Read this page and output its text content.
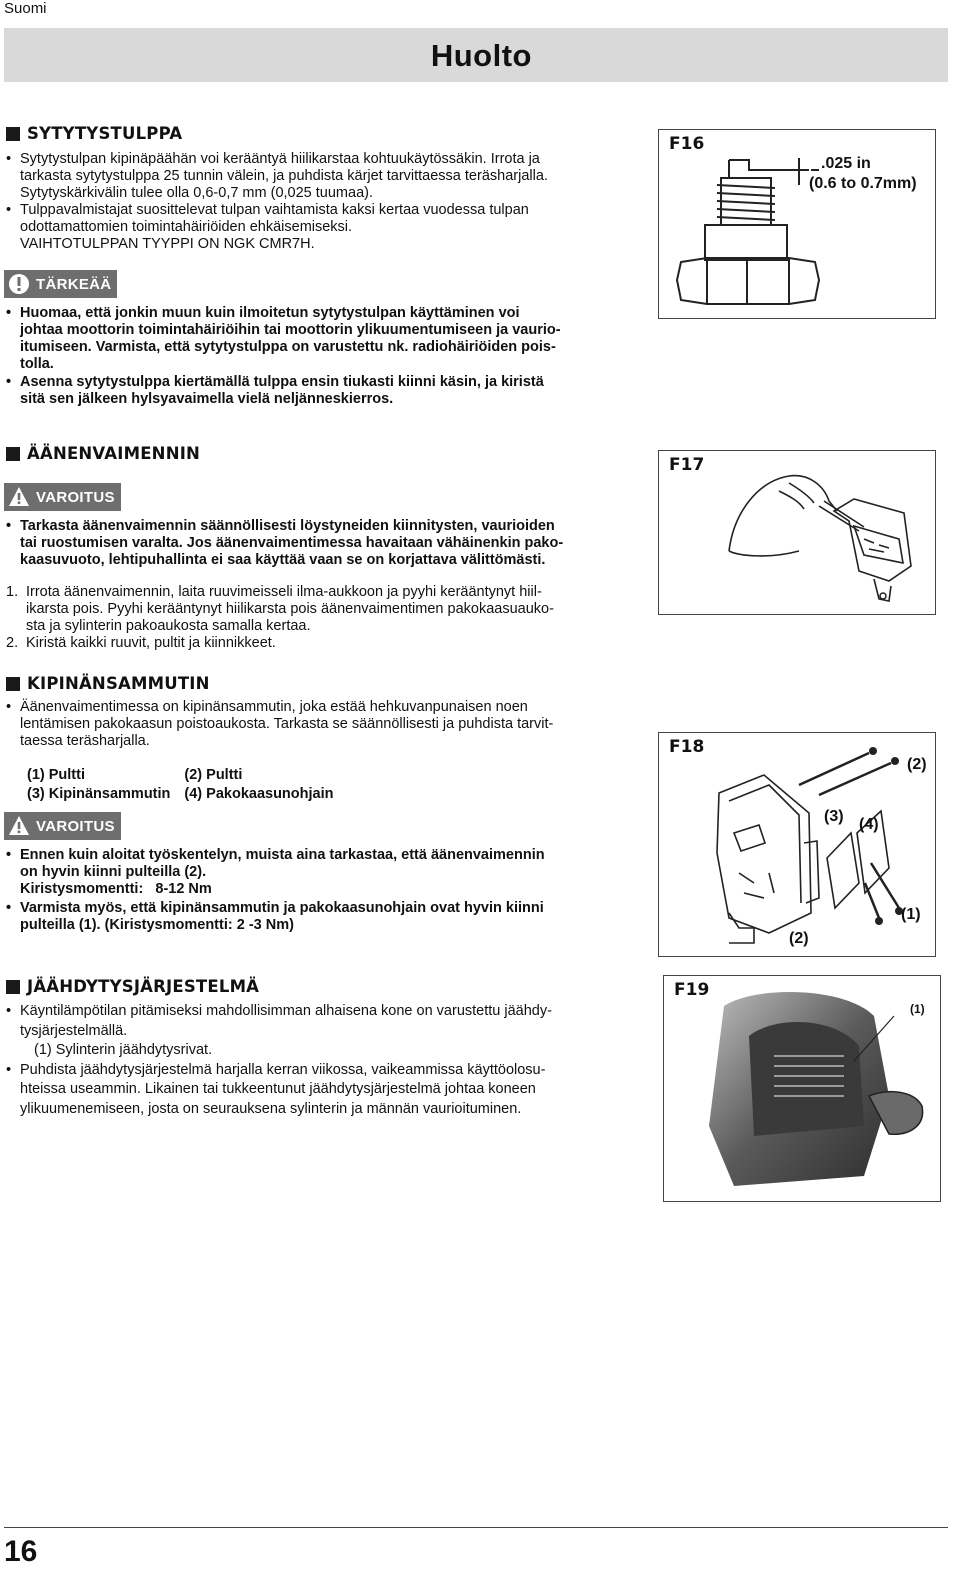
Suomi
Huolto
SYTYTYSTULPPA
• Sytytystulpan kipinäpäähän voi kerääntyä hiilikarstaa kohtuukäytössäkin. Irrota ja
tarkasta sytytystulppa 25 tunnin välein, ja puhdista kärjet tarvittaessa teräsharjalla.
Sytytyskärkivälin tulee olla 0,6-0,7 mm (0,025 tuumaa).
• Tulppavalmistajat suosittelevat tulpan vaihtamista kaksi kertaa vuodessa tulpan
odottamattomien toimintahäiriöiden ehkäisemiseksi.
VAIHTOTULPPAN TYYPPI ON NGK CMR7H.
TÄRKEÄÄ
• Huomaa, että jonkin muun kuin ilmoitetun sytytystulpan käyttäminen voi
johtaa moottorin toimintahäiriöihin tai moottorin ylikuumentumiseen ja vaurio-
itumiseen. Varmista, että sytytystulppa on varustettu nk. radiohäiriöiden pois-
tolla.
• Asenna sytytystulppa kiertämällä tulppa ensin tiukasti kiinni käsin, ja kiristä
sitä sen jälkeen hylsyavaimella vielä neljänneskierros.
ÄÄNENVAIMENNIN
VAROITUS
• Tarkasta äänenvaimennin säännöllisesti löystyneiden kiinnitysten, vaurioiden
tai ruostumisen varalta. Jos äänenvaimentimessa havaitaan vähäinenkin pako-
kaasuvuoto, lehtipuhallinta ei saa käyttää vaan se on korjattava välittömästi.
1. Irrota äänenvaimennin, laita ruuvimeisseli ilma-aukkoon ja pyyhi kerääntynyt hiil-
ikarsta pois. Pyyhi kerääntynyt hiilikarsta pois äänenvaimentimen pakokaasuauko-
sta ja sylinterin pakoaukosta samalla kertaa.
2. Kiristä kaikki ruuvit, pultit ja kiinnikkeet.
KIPINÄNSAMMUTIN
• Äänenvaimentimessa on kipinänsammutin, joka estää hehkuvanpunaisen noen
lentämisen pakokaasun poistoaukosta. Tarkasta se säännöllisesti ja puhdista tarvit-
taessa teräsharjalla.
(1) Pultti	(2) Pultti
(3) Kipinänsammutin	(4) Pakokaasunohjain
VAROITUS
• Ennen kuin aloitat työskentelyn, muista aina tarkastaa, että äänenvaimennin
on hyvin kiinni pulteilla (2).
Kiristysmomentti: 8-12 Nm
• Varmista myös, että kipinänsammutin ja pakokaasunohjain ovat hyvin kiinni
pulteilla (1). (Kiristysmomentti: 2 -3 Nm)
JÄÄHDYTYSJÄRJESTELMÄ
• Käyntilämpötilan pitämiseksi mahdollisimman alhaisena kone on varustettu jäähdy-
tysjärjestelmällä.
(1) Sylinterin jäähdytysrivat.
• Puhdista jäähdytysjärjestelmä harjalla kerran viikossa, vaikeammissa käyttöolosu-
hteissa useammin. Likainen tai tukkeentunut jäähdytysjärjestelmä johtaa koneen
ylikuumenemiseen, josta on seurauksena sylinterin ja männän vaurioituminen.
.025 in
(0.6 to 0.7mm)
F16
F17
(2)
(3) (4)
(1)
(2)
F18
(1)
F19
16
